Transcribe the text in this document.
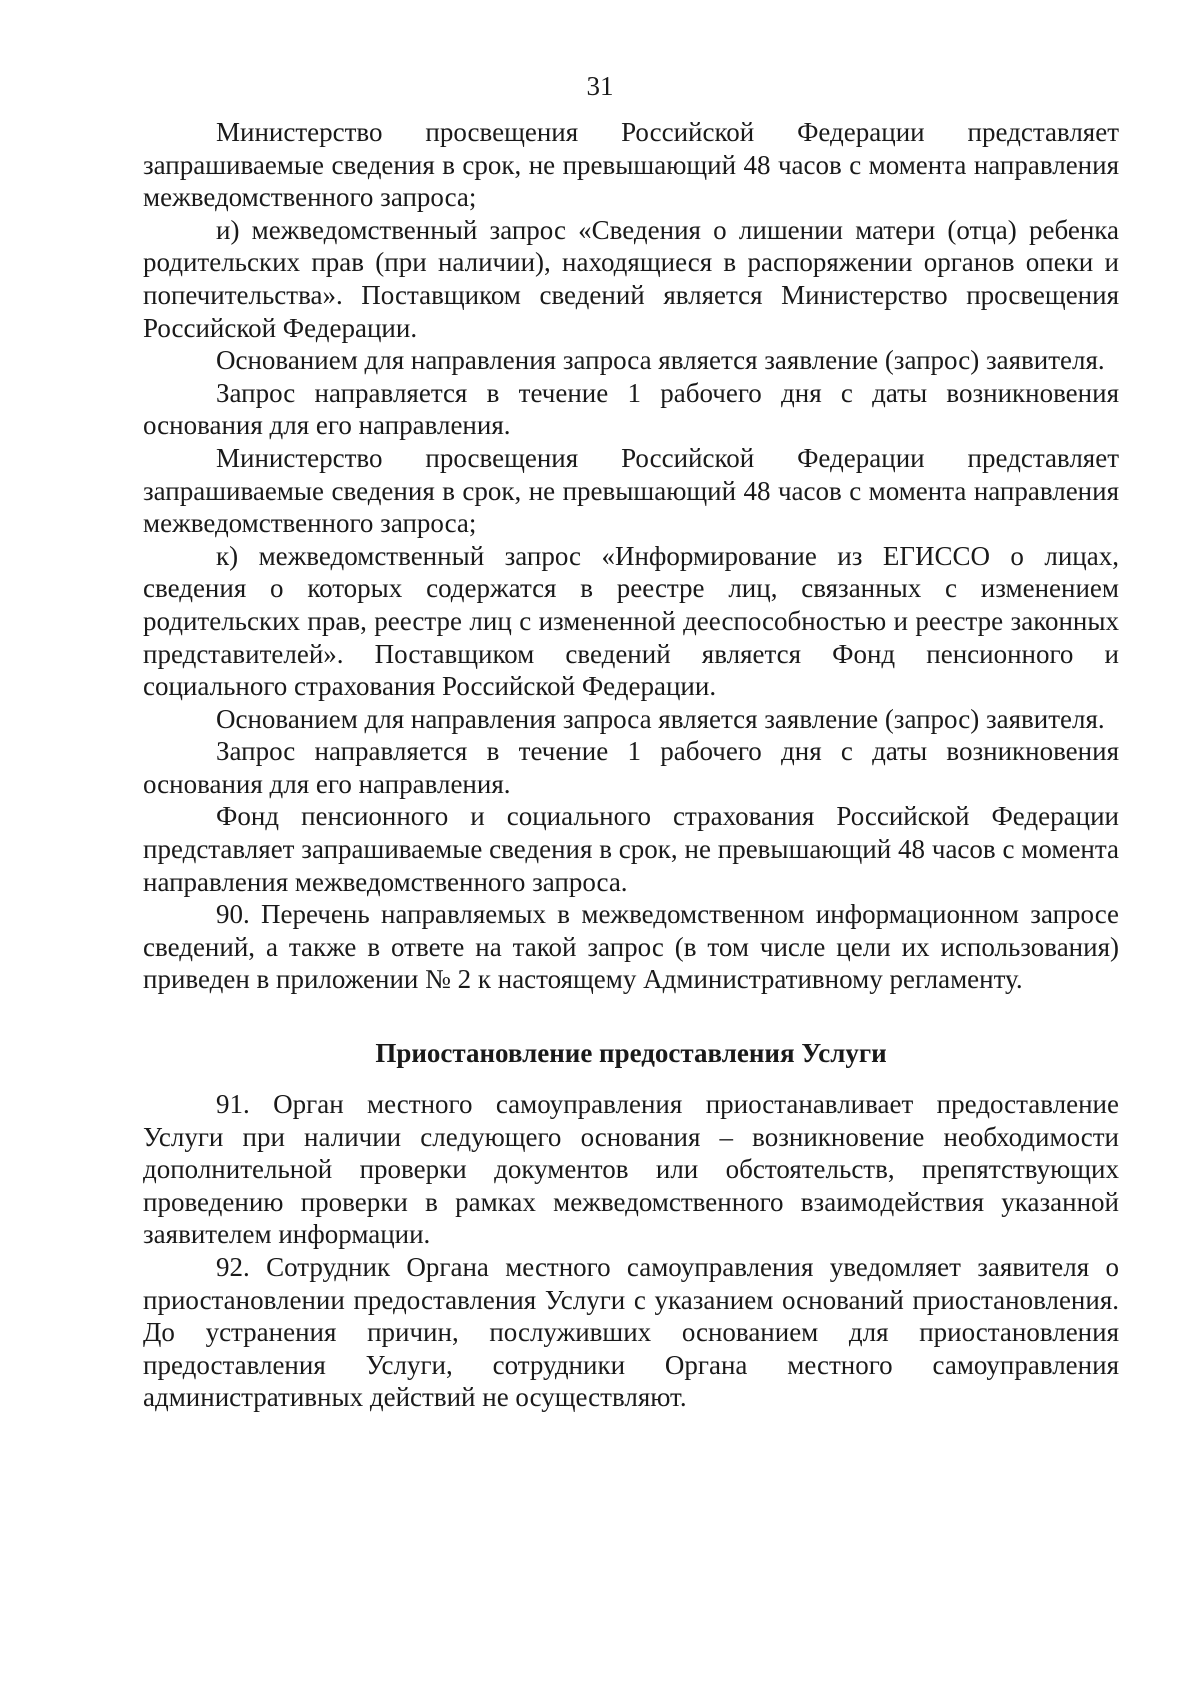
31

Министерство просвещения Российской Федерации представляет запрашиваемые сведения в срок, не превышающий 48 часов с момента направления межведомственного запроса;

и) межведомственный запрос «Сведения о лишении матери (отца) ребенка родительских прав (при наличии), находящиеся в распоряжении органов опеки и попечительства». Поставщиком сведений является Министерство просвещения Российской Федерации.

Основанием для направления запроса является заявление (запрос) заявителя.

Запрос направляется в течение 1 рабочего дня с даты возникновения основания для его направления.

Министерство просвещения Российской Федерации представляет запрашиваемые сведения в срок, не превышающий 48 часов с момента направления межведомственного запроса;

к) межведомственный запрос «Информирование из ЕГИССО о лицах, сведения о которых содержатся в реестре лиц, связанных с изменением родительских прав, реестре лиц с измененной дееспособностью и реестре законных представителей». Поставщиком сведений является Фонд пенсионного и социального страхования Российской Федерации.

Основанием для направления запроса является заявление (запрос) заявителя.

Запрос направляется в течение 1 рабочего дня с даты возникновения основания для его направления.

Фонд пенсионного и социального страхования Российской Федерации представляет запрашиваемые сведения в срок, не превышающий 48 часов с момента направления межведомственного запроса.

90. Перечень направляемых в межведомственном информационном запросе сведений, а также в ответе на такой запрос (в том числе цели их использования) приведен в приложении № 2 к настоящему Административному регламенту.

Приостановление предоставления Услуги

91. Орган местного самоуправления приостанавливает предоставление Услуги при наличии следующего основания – возникновение необходимости дополнительной проверки документов или обстоятельств, препятствующих проведению проверки в рамках межведомственного взаимодействия указанной заявителем информации.

92. Сотрудник Органа местного самоуправления уведомляет заявителя о приостановлении предоставления Услуги с указанием оснований приостановления. До устранения причин, послуживших основанием для приостановления предоставления Услуги, сотрудники Органа местного самоуправления административных действий не осуществляют.
